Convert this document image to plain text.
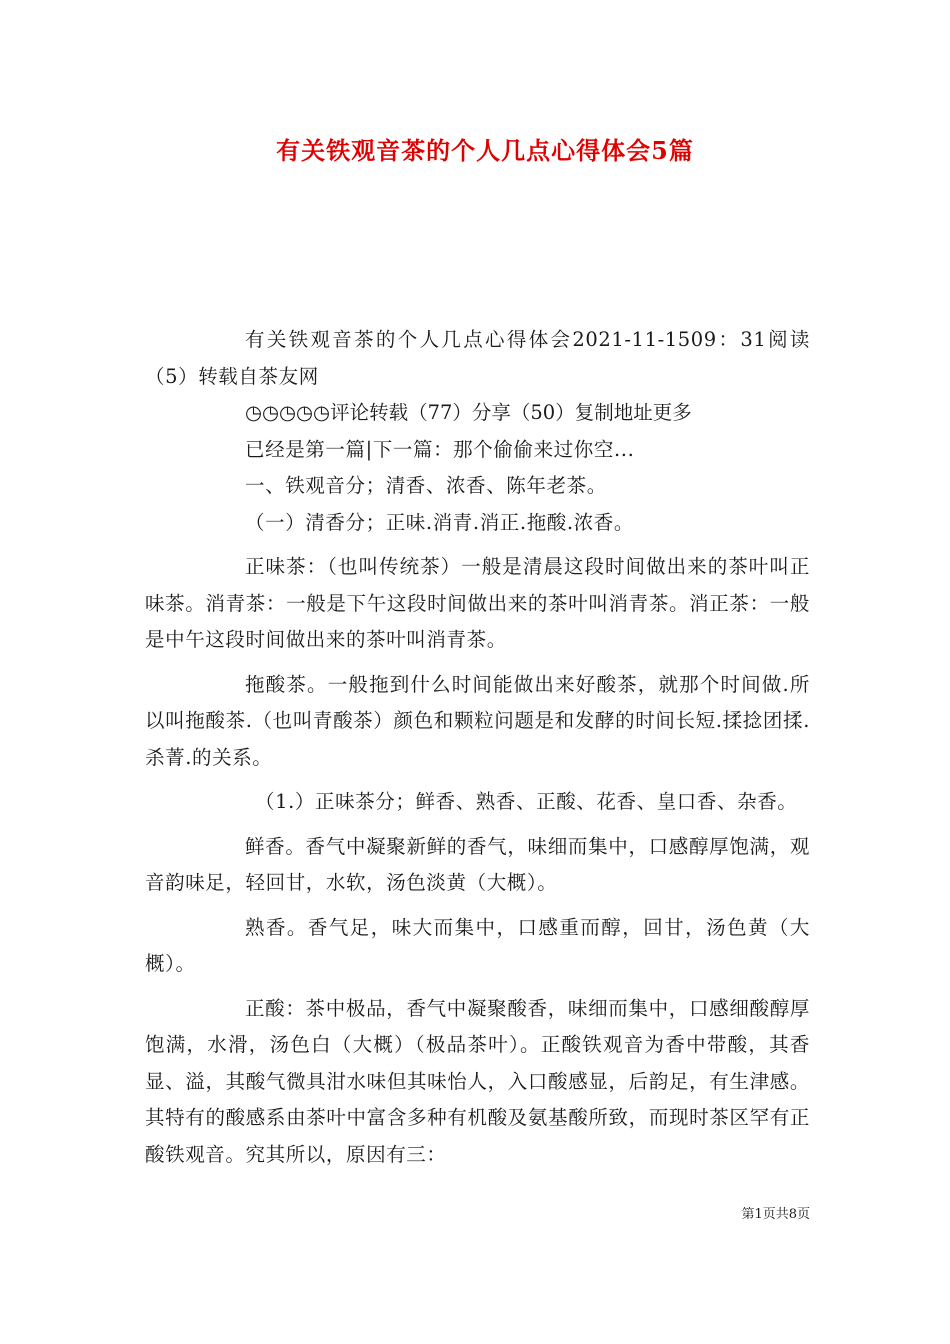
有关铁观音茶的个人几点心得体会5篇

有关铁观音茶的个人几点心得体会2021-11-1509：31阅读（5）转载自茶友网

◷◷◷◷◷评论转载（77）分享（50）复制地址更多

已经是第一篇|下一篇：那个偷偷来过你空...

一、铁观音分；清香、浓香、陈年老茶。

（一）清香分；正味.消青.消正.拖酸.浓香。

正味茶：（也叫传统茶）一般是清晨这段时间做出来的茶叶叫正味茶。消青茶：一般是下午这段时间做出来的茶叶叫消青茶。消正茶：一般是中午这段时间做出来的茶叶叫消青茶。

拖酸茶。一般拖到什么时间能做出来好酸茶，就那个时间做.所以叫拖酸茶.（也叫青酸茶）颜色和颗粒问题是和发酵的时间长短.揉捻团揉.杀菁.的关系。

（1.）正味茶分；鲜香、熟香、正酸、花香、皇口香、杂香。

鲜香。香气中凝聚新鲜的香气，味细而集中，口感醇厚饱满，观音韵味足，轻回甘，水软，汤色淡黄（大概）。

熟香。香气足，味大而集中，口感重而醇，回甘，汤色黄（大概）。

正酸：茶中极品，香气中凝聚酸香，味细而集中，口感细酸醇厚饱满，水滑，汤色白（大概）（极品茶叶）。正酸铁观音为香中带酸，其香显、溢，其酸气微具泔水味但其味怡人，入口酸感显，后韵足，有生津感。其特有的酸感系由茶叶中富含多种有机酸及氨基酸所致，而现时茶区罕有正酸铁观音。究其所以，原因有三：

第1页共8页
